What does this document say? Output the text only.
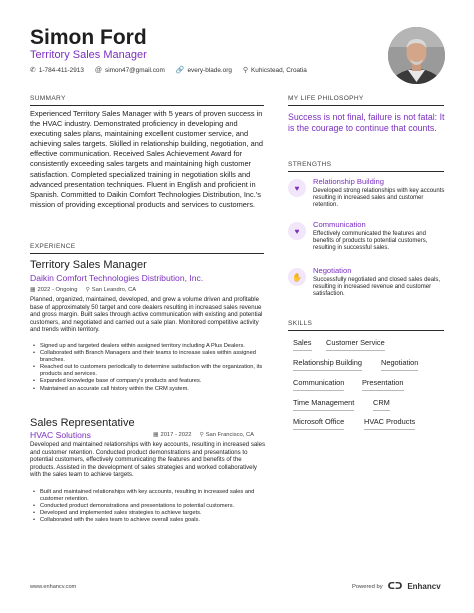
Simon Ford
Territory Sales Manager
✆ 1-784-411-2913 @ simon47@gmail.com 🔗 every-blade.org ⚲ Kuhicstead, Croatia
SUMMARY
Experienced Territory Sales Manager with 5 years of proven success in the HVAC industry. Demonstrated proficiency in developing and executing sales plans, maintaining excellent customer service, and achieving sales targets. Skilled in relationship building, negotiation, and effective communication. Received Sales Achievement Award for consistently exceeding sales targets and maintaining high customer satisfaction. Completed specialized training in negotiation skills and advanced presentation techniques. Fluent in English and proficient in Spanish. Committed to Daikin Comfort Technologies Distribution, Inc.'s mission of providing exceptional products and services to customers.
EXPERIENCE
Territory Sales Manager
Daikin Comfort Technologies Distribution, Inc.
▦ 2022 - Ongoing ⚲ San Leandro, CA
Planned, organized, maintained, developed, and grew a volume driven and profitable base of approximately 50 target and core dealers resulting in increased sales revenue and gross margin. Built sales through active communication with existing and potential customers, and negotiated and carried out a sale plan. Monitored competitive activity and trends within territory.
• Signed up and targeted dealers within assigned territory including A Plus Dealers.
• Collaborated with Branch Managers and their teams to increase sales within assigned branches.
• Reached out to customers periodically to determine satisfaction with the organization, its products and services.
• Expanded knowledge base of company's products and features.
• Maintained an accurate call history within the CRM system.
Sales Representative
HVAC Solutions	▦ 2017 - 2022 ⚲ San Francisco, CA
Developed and maintained relationships with key accounts, resulting in increased sales and customer retention. Conducted product demonstrations and presentations to potential customers, effectively communicating the features and benefits of the products. Assisted in the development of sales strategies and worked collaboratively with the sales team to achieve targets.
• Built and maintained relationships with key accounts, resulting in increased sales and customer retention.
• Conducted product demonstrations and presentations to potential customers.
• Developed and implemented sales strategies to achieve targets.
• Collaborated with the sales team to achieve overall sales goals.
MY LIFE PHILOSOPHY
Success is not final, failure is not fatal: It is the courage to continue that counts.
STRENGTHS
♥
Relationship Building
Developed strong relationships with key accounts resulting in increased sales and customer retention.
♥
Communication
Effectively communicated the features and benefits of products to potential customers, resulting in successful sales.
✋
Negotiation
Successfully negotiated and closed sales deals, resulting in increased revenue and customer satisfaction.
SKILLS
Sales Customer Service
Relationship Building	Negotiation
Communication Presentation
Time Management	CRM
Microsoft Office	HVAC Products
www.enhancv.com	Powered by ᑕᑐ Enhancv
